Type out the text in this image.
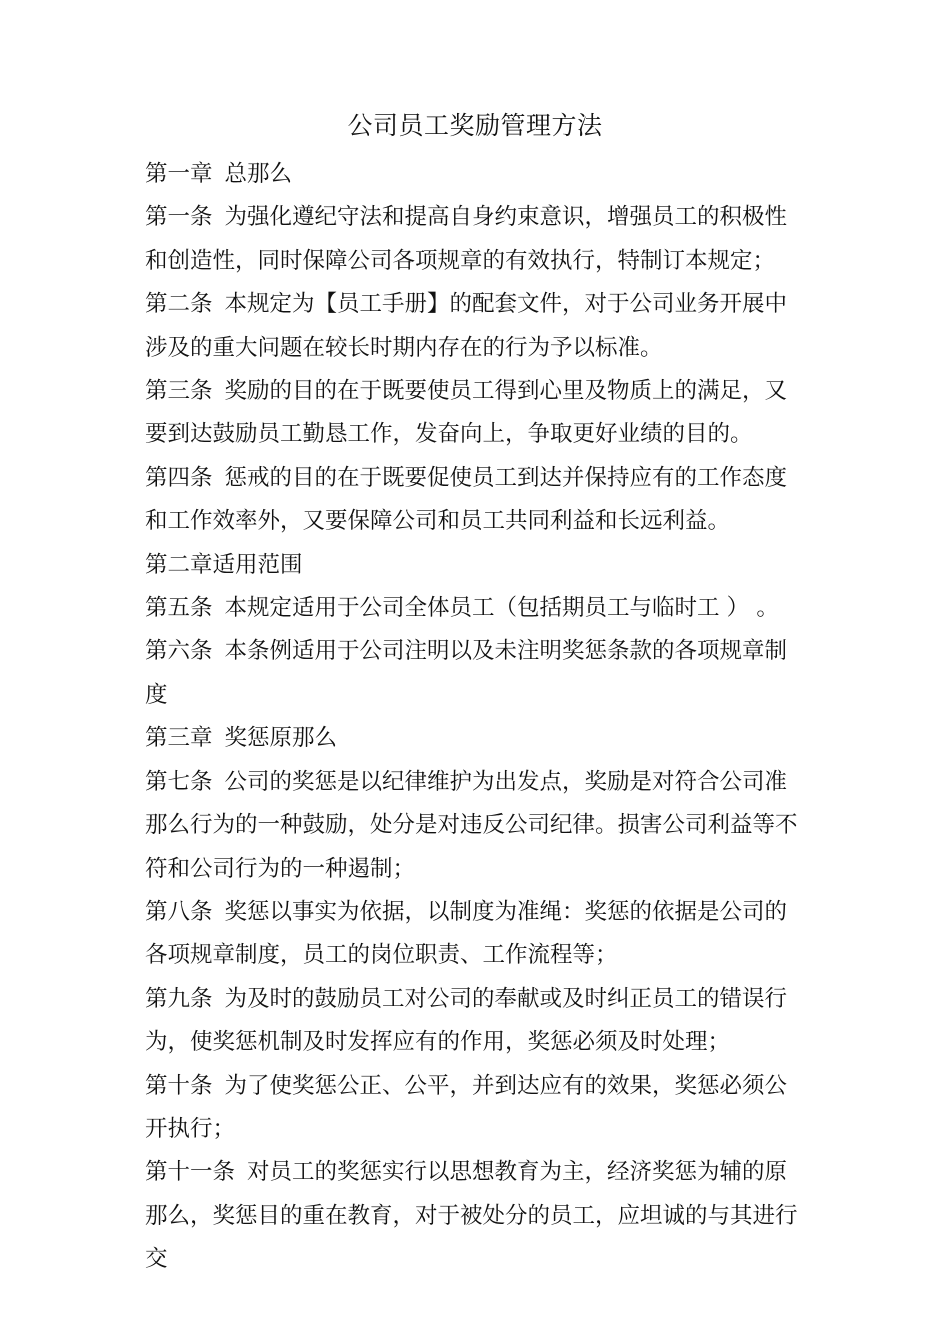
公司员工奖励管理方法

第一章 总那么

第一条 为强化遵纪守法和提高自身约束意识，增强员工的积极性和创造性，同时保障公司各项规章的有效执行，特制订本规定；

第二条 本规定为【员工手册】的配套文件，对于公司业务开展中涉及的重大问题在较长时期内存在的行为予以标准。

第三条 奖励的目的在于既要使员工得到心里及物质上的满足，又要到达鼓励员工勤恳工作，发奋向上，争取更好业绩的目的。

第四条 惩戒的目的在于既要促使员工到达并保持应有的工作态度和工作效率外，又要保障公司和员工共同利益和长远利益。

第二章适用范围

第五条 本规定适用于公司全体员工（包括期员工与临时工 ） 。

第六条 本条例适用于公司注明以及未注明奖惩条款的各项规章制度

第三章 奖惩原那么

第七条 公司的奖惩是以纪律维护为出发点，奖励是对符合公司准那么行为的一种鼓励，处分是对违反公司纪律。损害公司利益等不符和公司行为的一种遏制；

第八条 奖惩以事实为依据，以制度为准绳：奖惩的依据是公司的各项规章制度，员工的岗位职责、工作流程等；

第九条 为及时的鼓励员工对公司的奉献或及时纠正员工的错误行为，使奖惩机制及时发挥应有的作用，奖惩必须及时处理；

第十条 为了使奖惩公正、公平，并到达应有的效果，奖惩必须公开执行；

第十一条 对员工的奖惩实行以思想教育为主，经济奖惩为辅的原那么，奖惩目的重在教育，对于被处分的员工，应坦诚的与其进行交
